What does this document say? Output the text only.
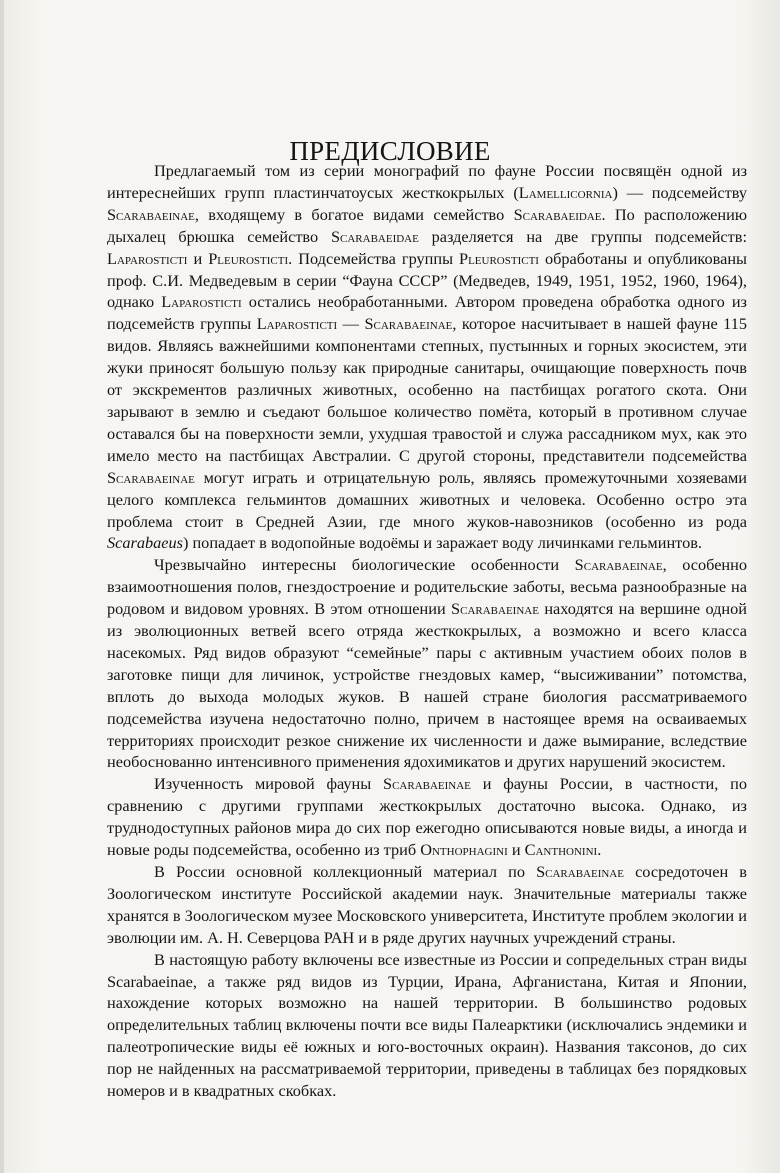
ПРЕДИСЛОВИЕ

Предлагаемый том из серии монографий по фауне России посвящён одной из интереснейших групп пластинчатоусых жесткокрылых (Lamellicornia) — подсемейству Scarabaeinae, входящему в богатое видами семейство Scarabaeidae. По расположению дыхалец брюшка семейство Scarabaeidae разделяется на две группы подсемейств: Laparosticti и Pleurosticti. Подсемейства группы Pleurosticti обработаны и опубликованы проф. С.И. Медведевым в серии “Фауна СССР” (Медведев, 1949, 1951, 1952, 1960, 1964), однако Laparosticti остались необработанными. Автором проведена обработка одного из подсемейств группы Laparosticti — Scarabaeinae, которое насчитывает в нашей фауне 115 видов. Являясь важнейшими компонентами степных, пустынных и горных экосистем, эти жуки приносят большую пользу как природные санитары, очищающие поверхность почв от экскрементов различных животных, особенно на пастбищах рогатого скота. Они зарывают в землю и съедают большое количество помёта, который в противном случае оставался бы на поверхности земли, ухудшая травостой и служа рассадником мух, как это имело место на пастбищах Австралии. С другой стороны, представители подсемейства Scarabaeinae могут играть и отрицательную роль, являясь промежуточными хозяевами целого комплекса гельминтов домашних животных и человека. Особенно остро эта проблема стоит в Средней Азии, где много жуков-навозников (особенно из рода Scarabaeus) попадает в водопойные водоёмы и заражает воду личинками гельминтов.

Чрезвычайно интересны биологические особенности Scarabaeinae, особенно взаимоотношения полов, гнездостроение и родительские заботы, весьма разнообразные на родовом и видовом уровнях. В этом отношении Scarabaeinae находятся на вершине одной из эволюционных ветвей всего отряда жесткокрылых, а возможно и всего класса насекомых. Ряд видов образуют “семейные” пары с активным участием обоих полов в заготовке пищи для личинок, устройстве гнездовых камер, “высиживании” потомства, вплоть до выхода молодых жуков. В нашей стране биология рассматриваемого подсемейства изучена недостаточно полно, причем в настоящее время на осваиваемых территориях происходит резкое снижение их численности и даже вымирание, вследствие необоснованно интенсивного применения ядохимикатов и других нарушений экосистем.

Изученность мировой фауны Scarabaeinae и фауны России, в частности, по сравнению с другими группами жесткокрылых достаточно высока. Однако, из труднодоступных районов мира до сих пор ежегодно описываются новые виды, а иногда и новые роды подсемейства, особенно из триб Onthophagini и Canthonini.

В России основной коллекционный материал по Scarabaeinae сосредоточен в Зоологическом институте Российской академии наук. Значительные материалы также хранятся в Зоологическом музее Московского университета, Институте проблем экологии и эволюции им. А. Н. Северцова РАН и в ряде других научных учреждений страны.

В настоящую работу включены все известные из России и сопредельных стран виды Scarabaeinae, а также ряд видов из Турции, Ирана, Афганистана, Китая и Японии, нахождение которых возможно на нашей территории. В большинство родовых определительных таблиц включены почти все виды Палеарктики (исключались эндемики и палеотропические виды её южных и юго-восточных окраин). Названия таксонов, до сих пор не найденных на рассматриваемой территории, приведены в таблицах без порядковых номеров и в квадратных скобках.
